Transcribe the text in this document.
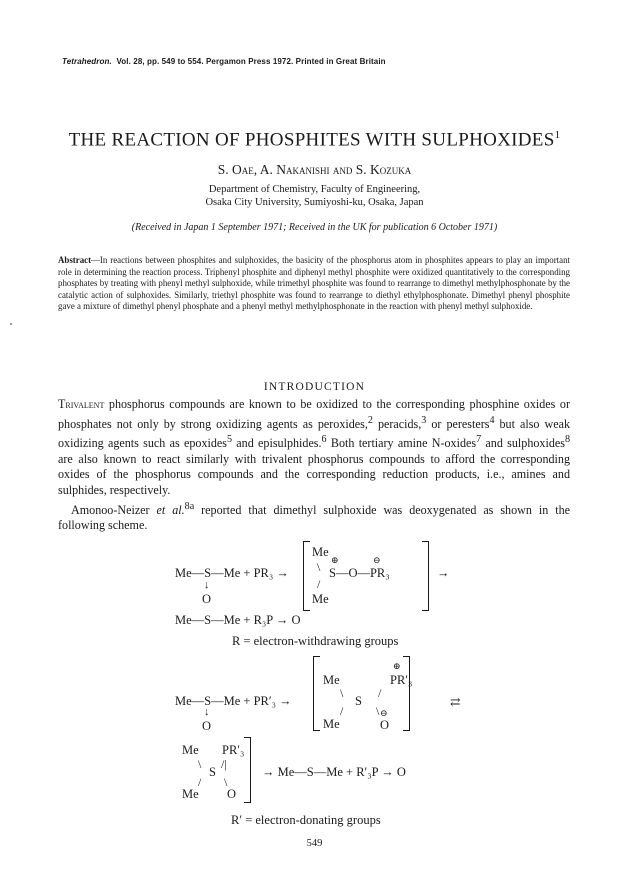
Tetrahedron. Vol. 28, pp. 549 to 554. Pergamon Press 1972. Printed in Great Britain
THE REACTION OF PHOSPHITES WITH SULPHOXIDES$^1$
S. Oae, A. Nakanishi and S. Kozuka
Department of Chemistry, Faculty of Engineering,
Osaka City University, Sumiyoshi-ku, Osaka, Japan
(Received in Japan 1 September 1971; Received in the UK for publication 6 October 1971)
Abstract—In reactions between phosphites and sulphoxides, the basicity of the phosphorus atom in phosphites appears to play an important role in determining the reaction process. Triphenyl phosphite and diphenyl methyl phosphite were oxidized quantitatively to the corresponding phosphates by treating with phenyl methyl sulphoxide, while trimethyl phosphite was found to rearrange to dimethyl methylphosphonate by the catalytic action of sulphoxides. Similarly, triethyl phosphite was found to rearrange to diethyl ethylphosphonate. Dimethyl phenyl phosphite gave a mixture of dimethyl phenyl phosphate and a phenyl methyl methylphosphonate in the reaction with phenyl methyl sulphoxide.
INTRODUCTION

Trivalent phosphorus compounds are known to be oxidized to the corresponding phosphine oxides or phosphates not only by strong oxidizing agents as peroxides,$^2$ peracids,$^3$ or peresters$^4$ but also weak oxidizing agents such as epoxides$^5$ and episulphides.$^6$ Both tertiary amine N-oxides$^7$ and sulphoxides$^8$ are also known to react similarly with trivalent phosphorus compounds to afford the corresponding oxides of the phosphorus compounds and the corresponding reduction products, i.e., amines and sulphides, respectively.

Amonoo-Neizer et al.$^{8a}$ reported that dimethyl sulphoxide was deoxygenated as shown in the following scheme.

Me—S—Me + PR₃ →
↓
O
Me
⊕	⊖
\ S—O—PR₃
/
Me
→
Me—S—Me + R₃P → O
R = electron-withdrawing groups
Me
⊕
PR′₃
\	/
Me—S—Me + PR′₃ →	S	⇄
↓	/	\ ⊖
O	Me	O
Me PR′₃
\ /|
S	→ Me—S—Me + R′₃P → O
/ \
Me O
R′ = electron-donating groups
549
